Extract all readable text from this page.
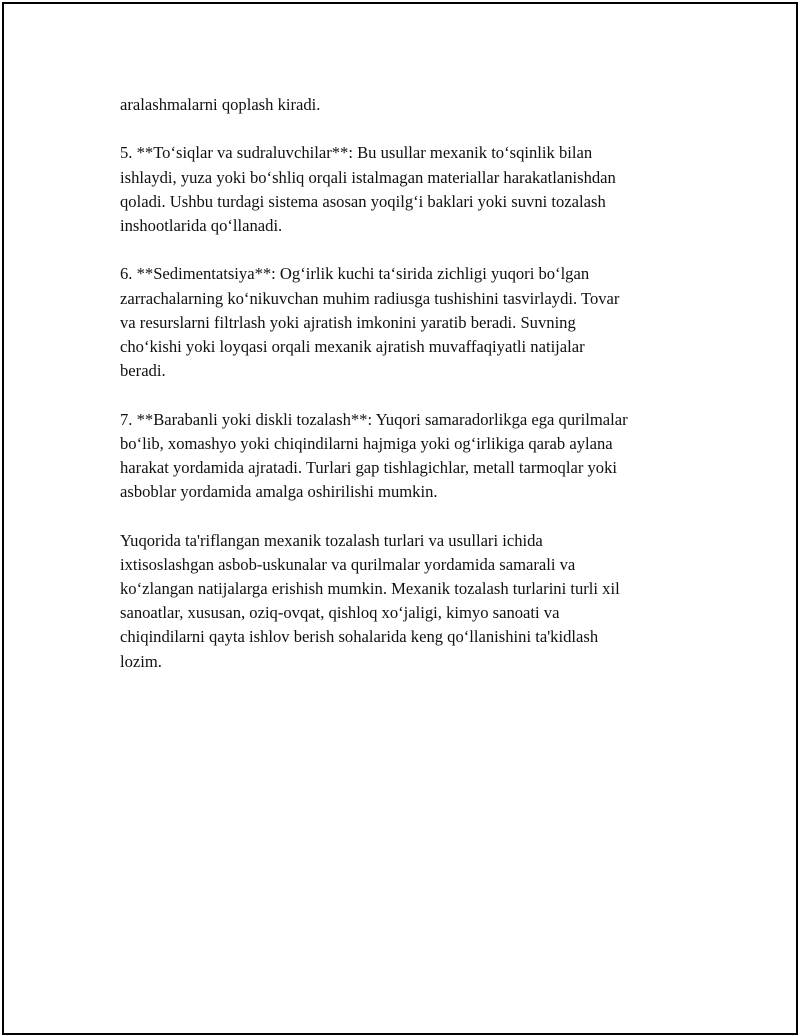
aralashmalarni qoplash kiradi.

5. **To‘siqlar va sudraluvchilar**: Bu usullar mexanik to‘sqinlik bilan
ishlaydi, yuza yoki bo‘shliq orqali istalmagan materiallar harakatlanishdan
qoladi. Ushbu turdagi sistema asosan yoqilg‘i baklari yoki suvni tozalash
inshootlarida qo‘llanadi.

6. **Sedimentatsiya**: Og‘irlik kuchi ta‘sirida zichligi yuqori bo‘lgan
zarrachalarning ko‘nikuvchan muhim radiusga tushishini tasvirlaydi. Tovar
va resurslarni filtrlash yoki ajratish imkonini yaratib beradi. Suvning
cho‘kishi yoki loyqasi orqali mexanik ajratish muvaffaqiyatli natijalar
beradi.

7. **Barabanli yoki diskli tozalash**: Yuqori samaradorlikga ega qurilmalar
bo‘lib, xomashyo yoki chiqindilarni hajmiga yoki og‘irlikiga qarab aylana
harakat yordamida ajratadi. Turlari gap tishlagichlar, metall tarmoqlar yoki
asboblar yordamida amalga oshirilishi mumkin.

Yuqorida ta'riflangan mexanik tozalash turlari va usullari ichida
ixtisoslashgan asbob-uskunalar va qurilmalar yordamida samarali va
ko‘zlangan natijalarga erishish mumkin. Mexanik tozalash turlarini turli xil
sanoatlar, xususan, oziq-ovqat, qishloq xo‘jaligi, kimyo sanoati va
chiqindilarni qayta ishlov berish sohalarida keng qo‘llanishini ta'kidlash
lozim.
